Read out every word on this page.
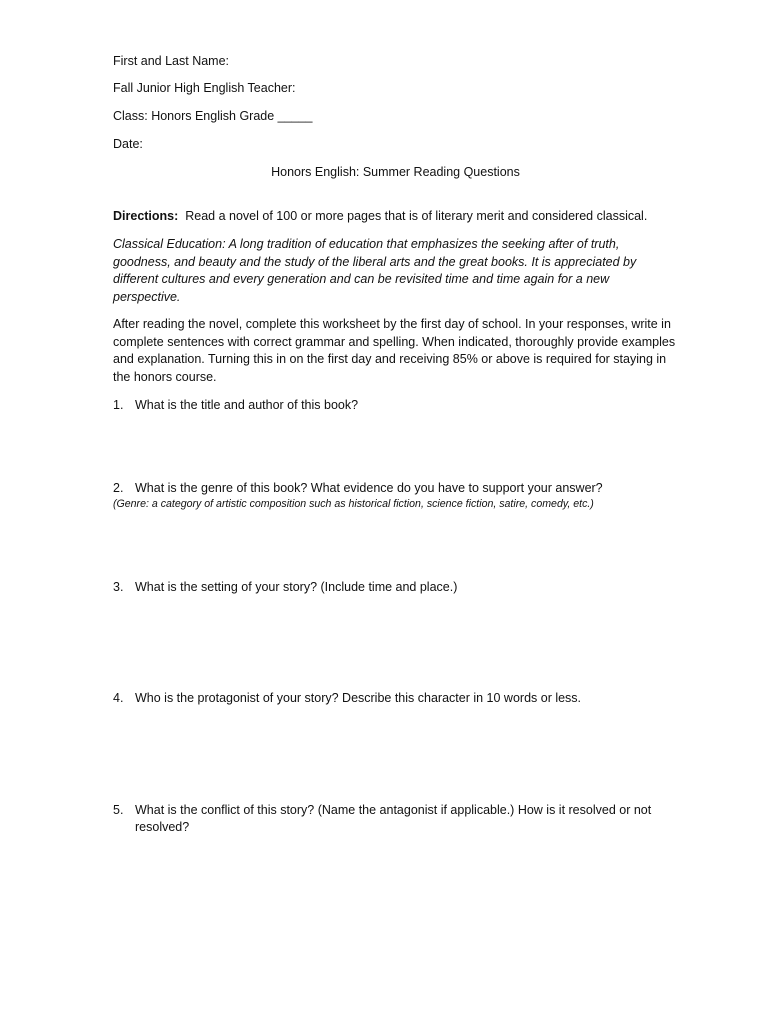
First and Last Name:
Fall Junior High English Teacher:
Class: Honors English Grade _____
Date:
Honors English: Summer Reading Questions
Directions: Read a novel of 100 or more pages that is of literary merit and considered classical.
Classical Education: A long tradition of education that emphasizes the seeking after of truth, goodness, and beauty and the study of the liberal arts and the great books. It is appreciated by different cultures and every generation and can be revisited time and time again for a new perspective.
After reading the novel, complete this worksheet by the first day of school. In your responses, write in complete sentences with correct grammar and spelling. When indicated, thoroughly provide examples and explanation. Turning this in on the first day and receiving 85% or above is required for staying in the honors course.
1. What is the title and author of this book?
2. What is the genre of this book? What evidence do you have to support your answer?
(Genre: a category of artistic composition such as historical fiction, science fiction, satire, comedy, etc.)
3. What is the setting of your story? (Include time and place.)
4. Who is the protagonist of your story? Describe this character in 10 words or less.
5. What is the conflict of this story? (Name the antagonist if applicable.) How is it resolved or not resolved?
